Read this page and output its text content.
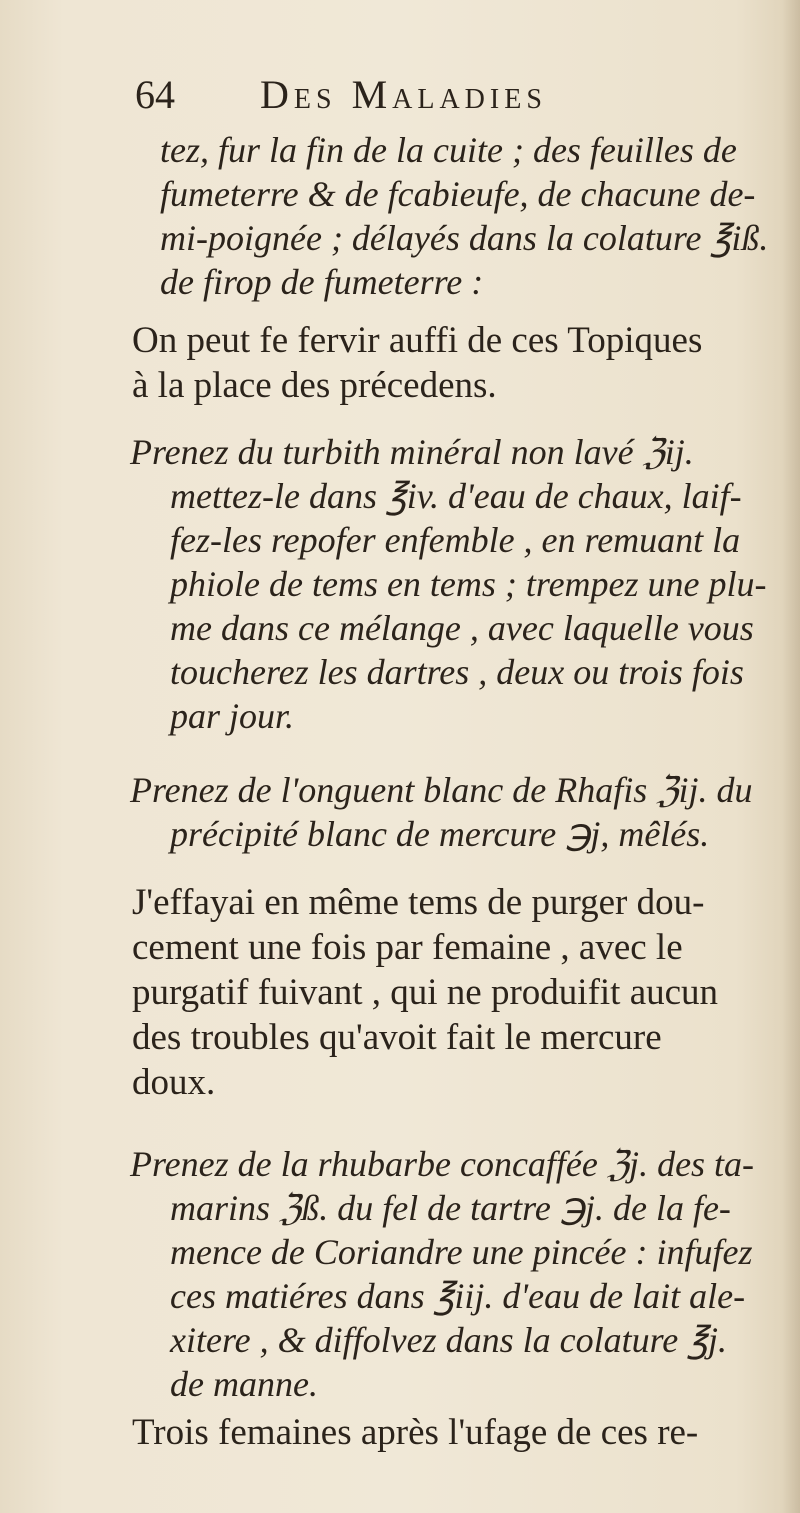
64 Des Maladies
tez, fur la fin de la cuite ; des feuilles de
fumeterre & de fcabieufe, de chacune de-
mi-poignée ; délayés dans la colature ℥iß.
de firop de fumeterre :
On peut fe fervir auffi de ces Topiques
à la place des précedens.
Prenez du turbith minéral non lavé ℨij.
mettez-le dans ℥iv. d'eau de chaux, laif-
fez-les repofer enfemble , en remuant la
phiole de tems en tems ; trempez une plu-
me dans ce mélange , avec laquelle vous
toucherez les dartres , deux ou trois fois
par jour.
Prenez de l'onguent blanc de Rhafis ℨij. du
précipité blanc de mercure ℈j, mêlés.
J'effayai en même tems de purger dou-
cement une fois par femaine , avec le
purgatif fuivant , qui ne produifit aucun
des troubles qu'avoit fait le mercure
doux.
Prenez de la rhubarbe concaffée ℨj. des ta-
marins ℨß. du fel de tartre ℈j. de la fe-
mence de Coriandre une pincée : infufez
ces matiéres dans ℥iij. d'eau de lait ale-
xitere , & diffolvez dans la colature ℥j.
de manne.
Trois femaines après l'ufage de ces re-
